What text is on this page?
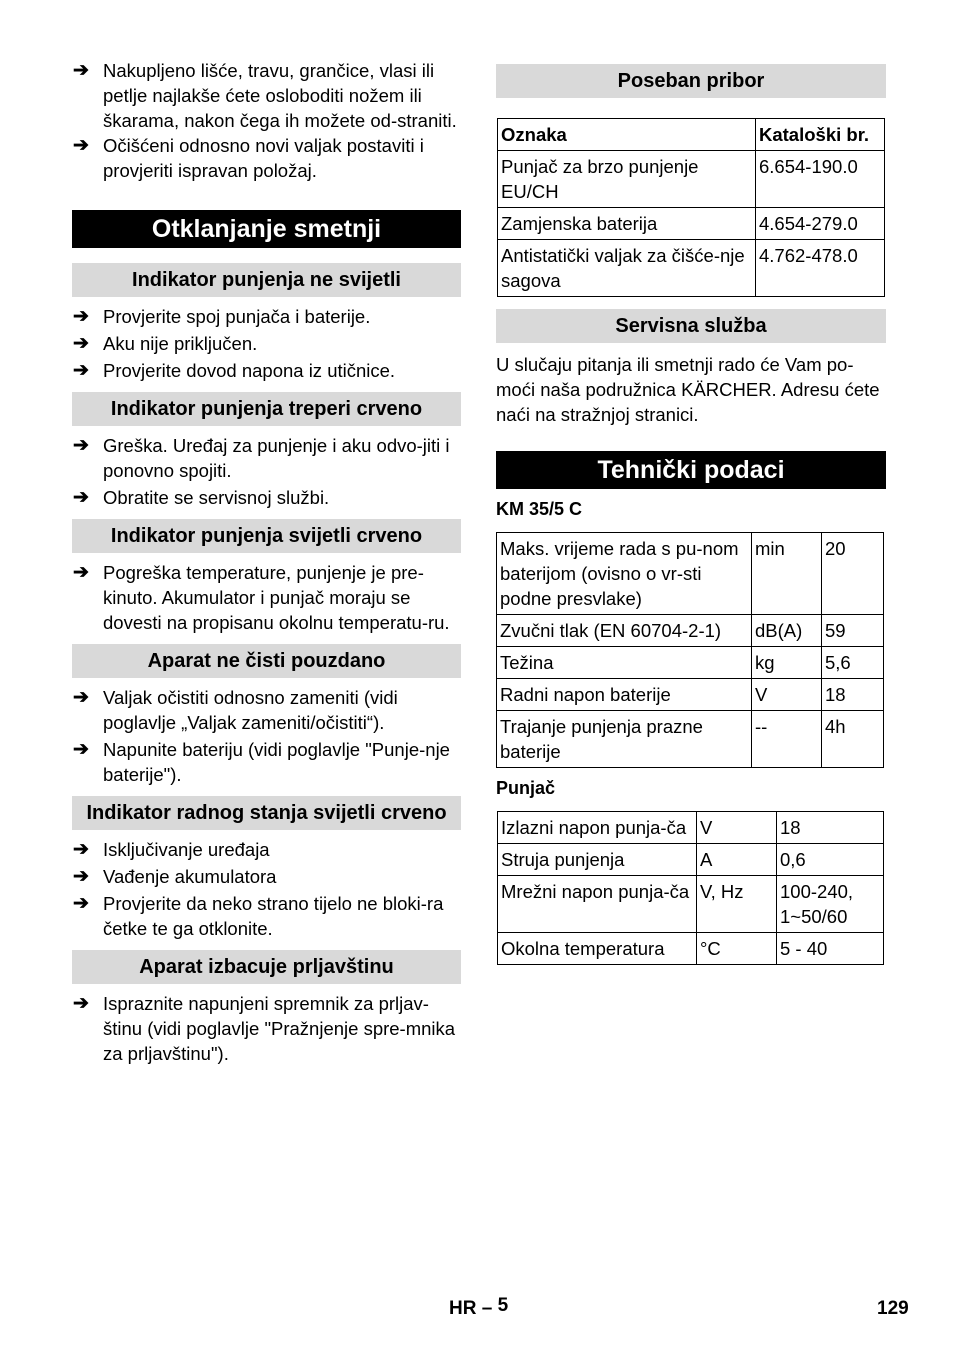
➔ Nakupljeno lišće, travu, grančice, vlasi ili petlje najlakše ćete osloboditi nožem ili škarama, nakon čega ih možete od-straniti.
➔ Očišćeni odnosno novi valjak postaviti i provjeriti ispravan položaj.
Otklanjanje smetnji
Indikator punjenja ne svijetli
➔ Provjerite spoj punjača i baterije.
➔ Aku nije priključen.
➔ Provjerite dovod napona iz utičnice.
Indikator punjenja treperi crveno
➔ Greška. Uređaj za punjenje i aku odvo-jiti i ponovno spojiti.
➔ Obratite se servisnoj službi.
Indikator punjenja svijetli crveno
➔ Pogreška temperature, punjenje je pre-kinuto. Akumulator i punjač moraju se dovesti na propisanu okolnu temperatu-ru.
Aparat ne čisti pouzdano
➔ Valjak očistiti odnosno zameniti (vidi poglavlje „Valjak zameniti/očistiti“).
➔ Napunite bateriju (vidi poglavlje "Punje-nje baterije").
Indikator radnog stanja svijetli crveno
➔ Isključivanje uređaja
➔ Vađenje akumulatora
➔ Provjerite da neko strano tijelo ne bloki-ra četke te ga otklonite.
Aparat izbacuje prljavštinu
➔ Ispraznite napunjeni spremnik za prljav-štinu (vidi poglavlje "Pražnjenje spre-mnika za prljavštinu").
Poseban pribor
Oznaka	Kataloški br.
Punjač za brzo punjenje EU/CH	6.654-190.0
Zamjenska baterija	4.654-279.0
Antistatički valjak za čišće-nje sagova	4.762-478.0
Servisna služba
U slučaju pitanja ili smetnji rado će Vam po-moći naša podružnica KÄRCHER. Adresu ćete naći na stražnjoj stranici.
Tehnički podaci
KM 35/5 C
Maks. vrijeme rada s pu-nom baterijom (ovisno o vr-sti podne presvlake)	min	20
Zvučni tlak (EN 60704-2-1)	dB(A)	59
Težina	kg	5,6
Radni napon baterije	V	18
Trajanje punjenja prazne baterije	--	4h
Punjač
Izlazni napon punja-ča	V	18
Struja punjenja	A	0,6
Mrežni napon punja-ča	V, Hz	100-240, 1~50/60
Okolna temperatura	°C	5 - 40
HR – 5	129
